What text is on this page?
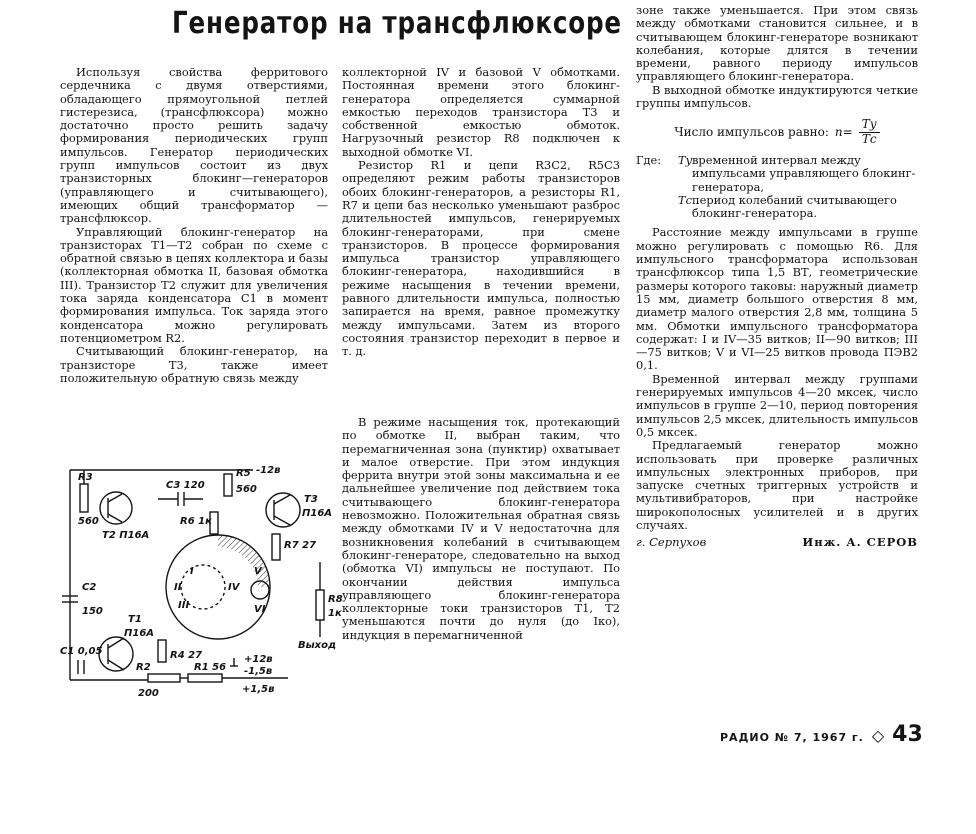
Генератор на трансфлюксоре

Используя свойства ферритового сердечника с двумя отверстиями, обладающего прямоугольной петлей гистерезиса, (трансфлюксора) можно достаточно просто решить задачу формирования периодических групп импульсов. Генератор периодических групп импульсов состоит из двух транзисторных блокинг—генераторов (управляющего и считывающего), имеющих общий трансформатор — трансфлюксор.

Управляющий блокинг-генератор на транзисторах T1—T2 собран по схеме с обратной связью в цепях коллектора и базы (коллекторная обмотка II, базовая обмотка III). Транзистор T2 служит для увеличения тока заряда конденсатора C1 в момент формирования импульса. Ток заряда этого конденсатора можно регулировать потенциометром R2.

Считывающий блокинг-генератор, на транзисторе T3, также имеет положительную обратную связь между

коллекторной IV и базовой V обмотками. Постоянная времени этого блокинг-генератора определяется суммарной емкостью переходов транзистора T3 и собственной емкостью обмоток. Нагрузочный резистор R8 подключен к выходной обмотке VI.

Резистор R1 и цепи R3C2, R5C3 определяют режим работы транзисторов обоих блокинг-генераторов, а резисторы R1, R7 и цепи баз несколько уменьшают разброс длительностей импульсов, генерируемых блокинг-генераторами, при смене транзисторов. В процессе формирования импульса транзистор управляющего блокинг-генератора, находившийся в режиме насыщения в течении времени, равного длительности импульса, полностью запирается на время, равное промежутку между импульсами. Затем из второго состояния транзистор переходит в первое и т. д.

В режиме насыщения ток, протекающий по обмотке II, выбран таким, что перемагниченная зона (пунктир) охватывает и малое отверстие. При этом индукция феррита внутри этой зоны максимальна и ее дальнейшее увеличение под действием тока считывающего блокинг-генератора невозможно. Положительная обратная связь между обмотками IV и V недостаточна для возникновения колебаний в считывающем блокинг-генераторе, следовательно на выход (обмотка VI) импульсы не поступают. По окончании действия импульса управляющего блокинг-генератора коллекторные токи транзисторов T1, T2 уменьшаются почти до нуля (до Iко), индукция в перемагниченной

зоне также уменьшается. При этом связь между обмотками становится сильнее, и в считывающем блокинг-генераторе возникают колебания, которые длятся в течении времени, равного периоду импульсов управляющего блокинг-генератора.

В выходной обмотке индуктируются четкие группы импульсов.

Число импульсов равно: $n= \frac{Ту}{Тс}$
Где:	Ту временной интервал между импульсами управляющего блокинг-генератора,
Тс период колебаний считывающего блокинг-генератора.

Расстояние между импульсами в группе можно регулировать с помощью R6. Для импульсного трансформатора использован трансфлюксор типа 1,5 ВТ, геометрические размеры которого таковы: наружный диаметр 15 мм, диаметр большого отверстия 8 мм, диаметр малого отверстия 2,8 мм, толщина 5 мм. Обмотки импульсного трансформатора содержат: I и IV—35 витков; II—90 витков; III—75 витков; V и VI—25 витков провода ПЭВ2 0,1.

Временной интервал между группами генерируемых импульсов 4—20 мксек, число импульсов в группе 2—10, период повторения импульсов 2,5 мксек, длительность импульсов 0,5 мксек.

Предлагаемый генератор можно использовать при проверке различных импульсных электронных приборов, при запуске счетных триггерных устройств и мультивибраторов, при настройке широкополосных усилителей и в других случаях.

г. Серпухов	Инж. А. СЕРОВ
R3
560
C3 120
R5
560
-12в
R6 1к
T3
П16А
T2 П16А
R7 27
C2
150
R8
1к
Выход
T1
П16А
C1 0,05	R4 27
R2
200
R1 56
+12в
-1,5в
+1,5в
I
II
III
IV
V
VI
РАДИО № 7, 1967 г. ◇ 43
